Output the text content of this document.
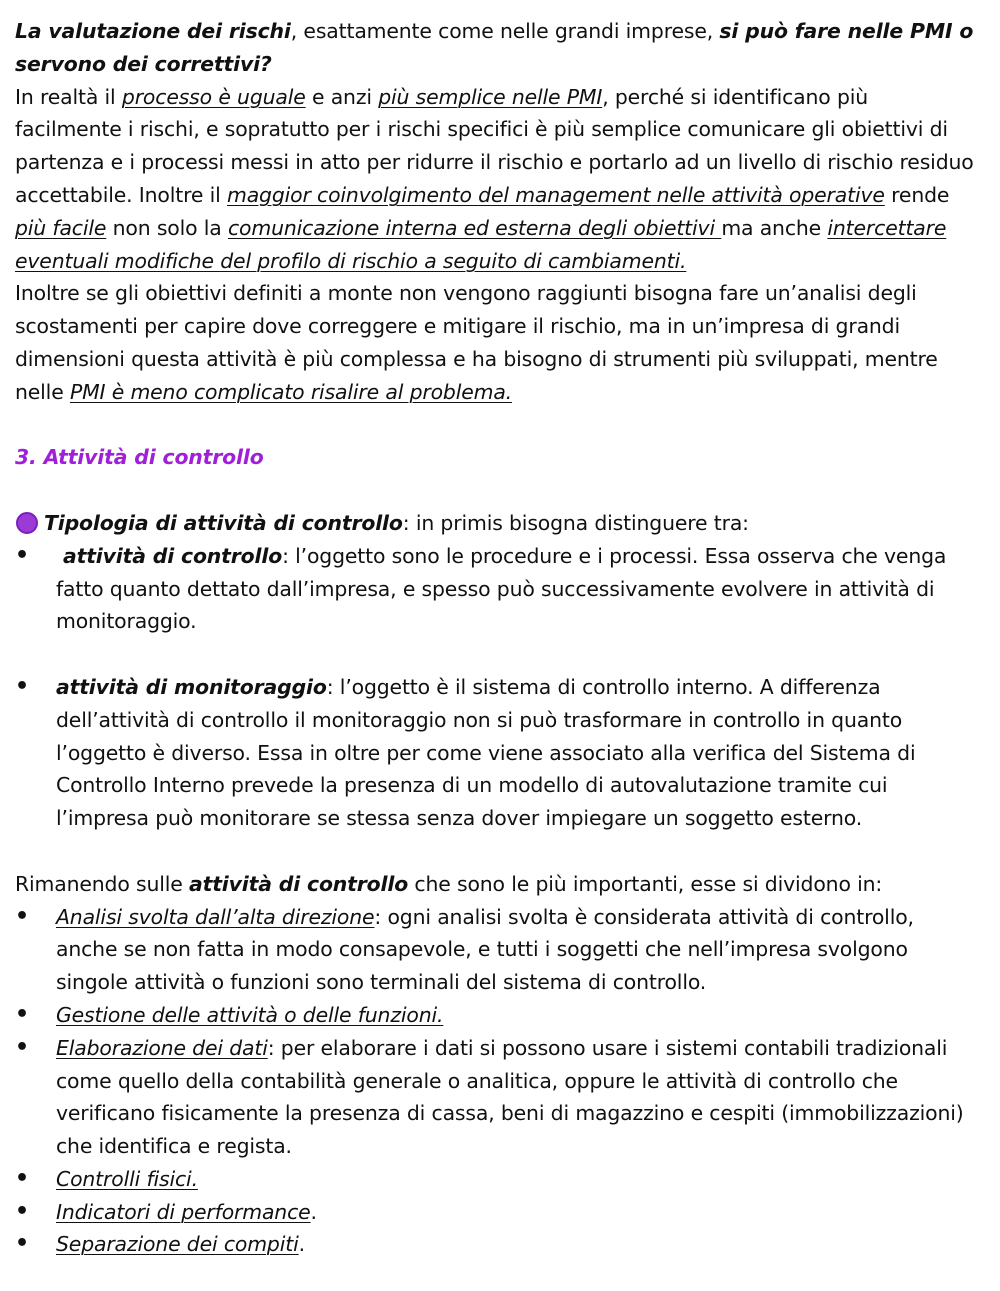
La valutazione dei rischi, esattamente come nelle grandi imprese, si può fare nelle PMI o servono dei correttivi?

In realtà il processo è uguale e anzi più semplice nelle PMI, perché si identificano più facilmente i rischi, e sopratutto per i rischi specifici è più semplice comunicare gli obiettivi di partenza e i processi messi in atto per ridurre il rischio e portarlo ad un livello di rischio residuo accettabile. Inoltre il maggior coinvolgimento del management nelle attività operative rende più facile non solo la comunicazione interna ed esterna degli obiettivi ma anche intercettare eventuali modifiche del profilo di rischio a seguito di cambiamenti.

Inoltre se gli obiettivi definiti a monte non vengono raggiunti bisogna fare un’analisi degli scostamenti per capire dove correggere e mitigare il rischio, ma in un’impresa di grandi dimensioni questa attività è più complessa e ha bisogno di strumenti più sviluppati, mentre nelle PMI è meno complicato risalire al problema.

3. Attività di controllo

Tipologia di attività di controllo: in primis bisogna distinguere tra:

• attività di controllo: l’oggetto sono le procedure e i processi. Essa osserva che venga fatto quanto dettato dall’impresa, e spesso può successivamente evolvere in attività di monitoraggio.
• attività di monitoraggio: l’oggetto è il sistema di controllo interno. A differenza dell’attività di controllo il monitoraggio non si può trasformare in controllo in quanto l’oggetto è diverso. Essa in oltre per come viene associato alla verifica del Sistema di Controllo Interno prevede la presenza di un modello di autovalutazione tramite cui l’impresa può monitorare se stessa senza dover impiegare un soggetto esterno.

Rimanendo sulle attività di controllo che sono le più importanti, esse si dividono in:

• Analisi svolta dall’alta direzione: ogni analisi svolta è considerata attività di controllo, anche se non fatta in modo consapevole, e tutti i soggetti che nell’impresa svolgono singole attività o funzioni sono terminali del sistema di controllo.
• Gestione delle attività o delle funzioni.
• Elaborazione dei dati: per elaborare i dati si possono usare i sistemi contabili tradizionali come quello della contabilità generale o analitica, oppure le attività di controllo che verificano fisicamente la presenza di cassa, beni di magazzino e cespiti (immobilizzazioni) che identifica e regista.
• Controlli fisici.
• Indicatori di performance.
• Separazione dei compiti.
